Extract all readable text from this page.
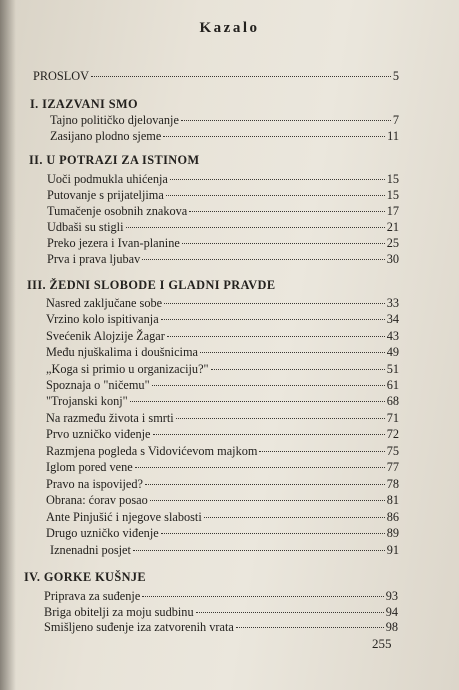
Kazalo
PROSLOV	5
I. IZAZVANI SMO
Tajno političko djelovanje	7
Zasijano plodno sjeme	11
II. U POTRAZI ZA ISTINOM
Uoči podmukla uhićenja	15
Putovanje s prijateljima	15
Tumačenje osobnih znakova	17
Udbaši su stigli	21
Preko jezera i Ivan-planine	25
Prva i prava ljubav	30
III. ŽEDNI SLOBODE I GLADNI PRAVDE
Nasred zaključane sobe	33
Vrzino kolo ispitivanja	34
Svećenik Alojzije Žagar	43
Među njuškalima i doušnicima	49
„Koga si primio u organizaciju?"	51
Spoznaja o "ničemu"	61
"Trojanski konj"	68
Na razmeđu života i smrti	71
Prvo uzničko viđenje	72
Razmjena pogleda s Vidovićevom majkom	75
Iglom pored vene	77
Pravo na ispovijed?	78
Obrana: ćorav posao	81
Ante Pinjušić i njegove slabosti	86
Drugo uzničko viđenje	89
Iznenadni posjet	91
IV. GORKE KUŠNJE
Priprava za suđenje	93
Briga obitelji za moju sudbinu	94
Smišljeno suđenje iza zatvorenih vrata	98
255
